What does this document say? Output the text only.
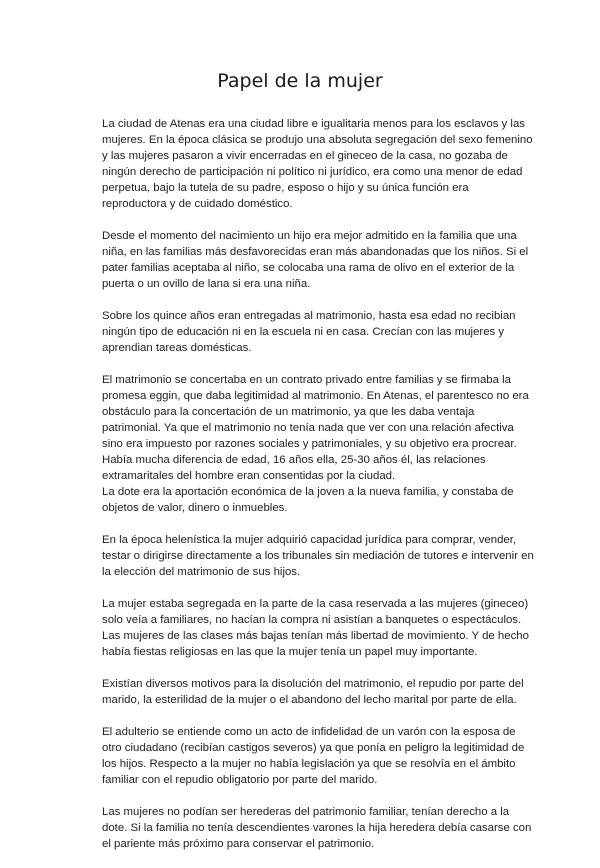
Papel de la mujer

La ciudad de Atenas era una ciudad libre e igualitaria menos para los esclavos y las mujeres. En la época clásica se produjo una absoluta segregación del sexo femenino y las mujeres pasaron a vivir encerradas en el gineceo de la casa, no gozaba de ningún derecho de participación ni político ni jurídico, era como una menor de edad perpetua, bajo la tutela de su padre, esposo o hijo y su única función era reproductora y de cuidado doméstico.

Desde el momento del nacimiento un hijo era mejor admitido en la familia que una niña, en las familias más desfavorecidas eran más abandonadas que los niños. Si el pater familias aceptaba al niño, se colocaba una rama de olivo en el exterior de la puerta o un ovillo de lana si era una niña.

Sobre los quince años eran entregadas al matrimonio, hasta esa edad no recibian ningún tipo de educación ni en la escuela ni en casa. Crecían con las mujeres y aprendian tareas domésticas.

El matrimonio se concertaba en un contrato privado entre familias y se firmaba la promesa eggin, que daba legitimidad al matrimonio. En Atenas, el parentesco no era obstáculo para la concertación de un matrimonio, ya que les daba ventaja patrimonial. Ya que el matrimonio no tenía nada que ver con una relación afectiva sino era impuesto por razones sociales y patrimoniales, y su objetivo era procrear. Había mucha diferencia de edad, 16 años ella, 25-30 años él, las relaciones extramaritales del hombre eran consentidas por la ciudad.

La dote era la aportación económica de la joven a la nueva familia, y constaba de objetos de valor, dinero o inmuebles.

En la época helenística la mujer adquirió capacidad jurídica para comprar, vender, testar o dirigirse directamente a los tribunales sin mediación de tutores e intervenir en la elección del matrimonio de sus hijos.

La mujer estaba segregada en la parte de la casa reservada a las mujeres (gineceo) solo veía a familiares, no hacían la compra ni asistían a banquetes o espectáculos. Las mujeres de las clases más bajas tenían más libertad de movimiento. Y de hecho había fiestas religiosas en las que la mujer tenía un papel muy importante.

Existían diversos motivos para la disolución del matrimonio, el repudio por parte del marido, la esterilidad de la mujer o el abandono del lecho marital por parte de ella.

El adulterio se entiende como un acto de infidelidad de un varón con la esposa de otro ciudadano (recibían castigos severos) ya que ponía en peligro la legitimidad de los hijos. Respecto a la mujer no había legislación ya que se resolvía en el ámbito familiar con el repudio obligatorio por parte del marido.

Las mujeres no podían ser herederas del patrimonio familiar, tenían derecho a la dote. Si la familia no tenía descendientes varones la hija heredera debía casarse con el pariente más próximo para conservar el patrimonio.
